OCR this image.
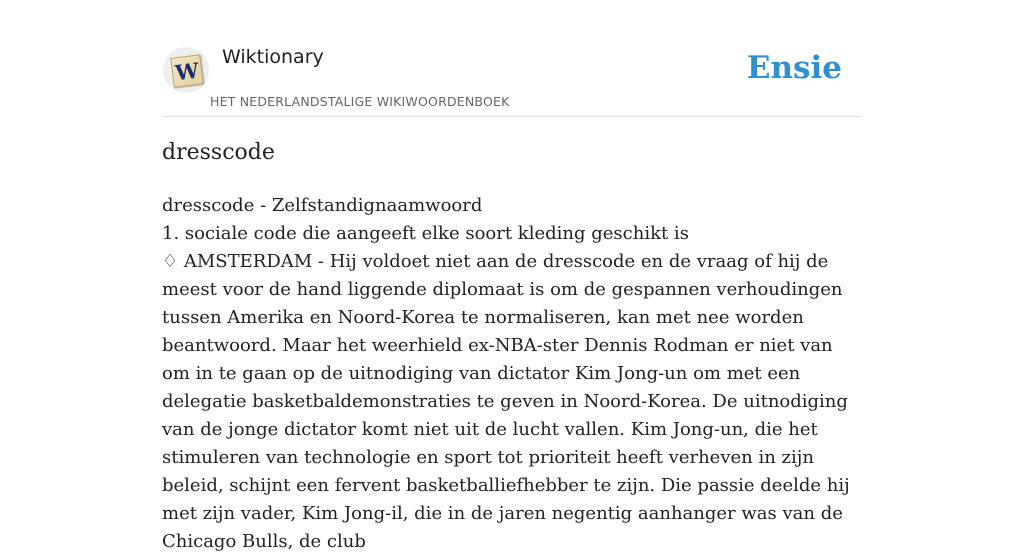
W
Wiktionary
HET NEDERLANDSTALIGE WIKIWOORDENBOEK
Ensie
dresscode
dresscode - Zelfstandignaamwoord
1. sociale code die aangeeft elke soort kleding geschikt is
♢ AMSTERDAM - Hij voldoet niet aan de dresscode en de vraag of hij de meest voor de hand liggende diplomaat is om de gespannen verhoudingen tussen Amerika en Noord-Korea te normaliseren, kan met nee worden beantwoord. Maar het weerhield ex-NBA-ster Dennis Rodman er niet van om in te gaan op de uitnodiging van dictator Kim Jong-un om met een delegatie basketbaldemonstraties te geven in Noord-Korea. De uitnodiging van de jonge dictator komt niet uit de lucht vallen. Kim Jong-un, die het stimuleren van technologie en sport tot prioriteit heeft verheven in zijn beleid, schijnt een fervent basketballiefhebber te zijn. Die passie deelde hij met zijn vader, Kim Jong-il, die in de jaren negentig aanhanger was van de Chicago Bulls, de club
